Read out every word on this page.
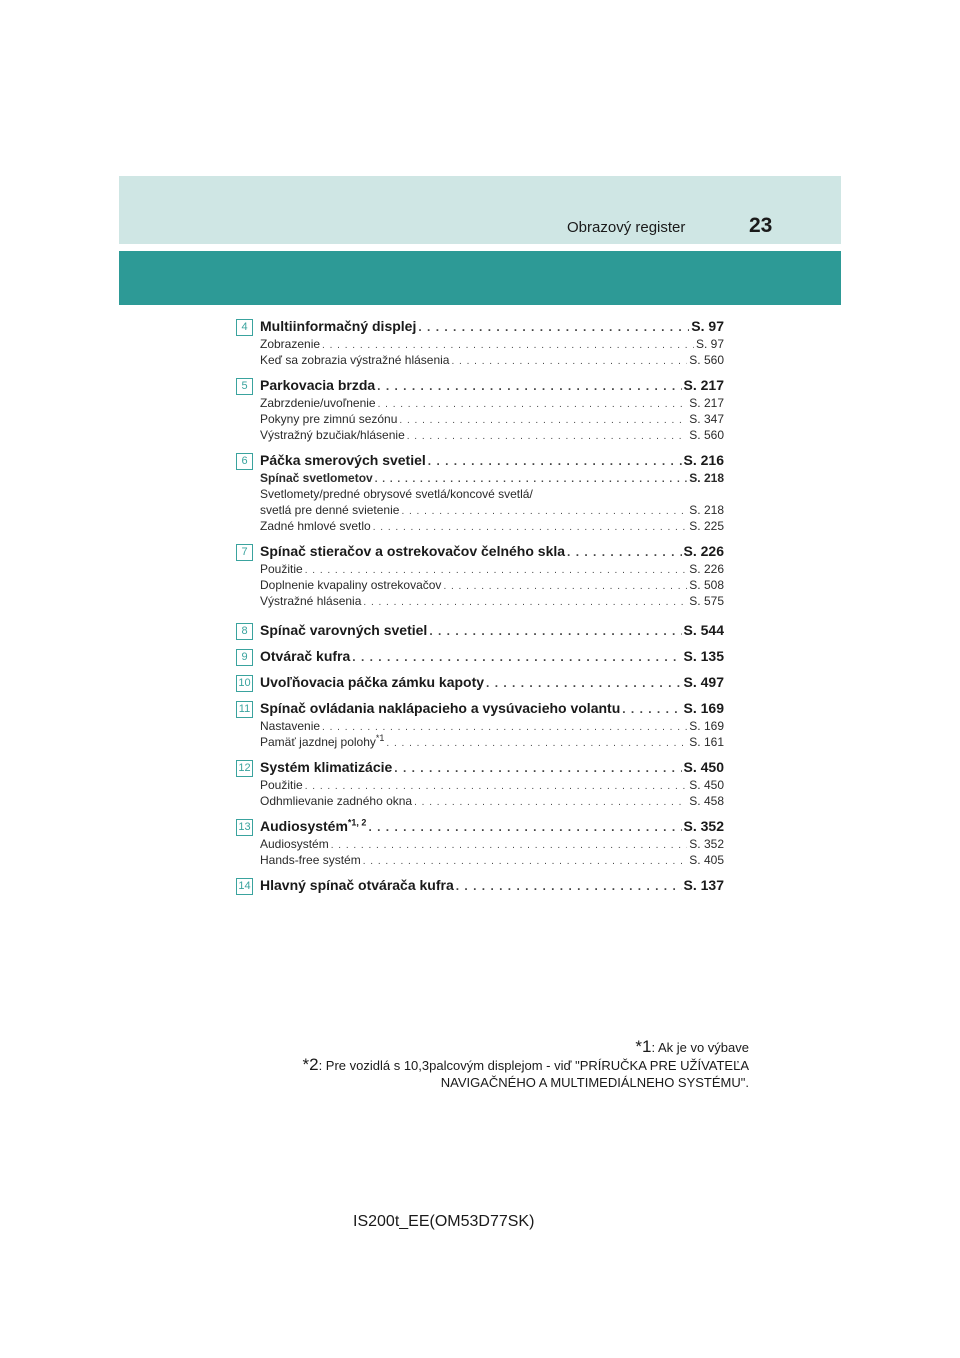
Obrazový register	23
4 Multiinformačný displej . . .	S. 97
Zobrazenie . . .	S. 97
Keď sa zobrazia výstražné hlásenia . . .	S. 560
5 Parkovacia brzda . . .	S. 217
Zabrzdenie/uvoľnenie . . .	S. 217
Pokyny pre zimnú sezónu . . .	S. 347
Výstražný bzučiak/hlásenie . . .	S. 560
6 Páčka smerových svetiel . . .	S. 216
Spínač svetlometov . . .	S. 218
Svetlomety/predné obrysové svetlá/koncové svetlá/
svetlá pre denné svietenie . . .	S. 218
Zadné hmlové svetlo . . .	S. 225
7 Spínač stieračov a ostrekovačov čelného skla . . .	S. 226
Použitie . . .	S. 226
Doplnenie kvapaliny ostrekovačov . . .	S. 508
Výstražné hlásenia . . .	S. 575
8 Spínač varovných svetiel . . .	S. 544
9 Otvárač kufra . . .	S. 135
10 Uvoľňovacia páčka zámku kapoty . . .	S. 497
11 Spínač ovládania naklápacieho a vysúvacieho volantu . . .	S. 169
Nastavenie . . .	S. 169
Pamäť jazdnej polohy$^{*1}$ . . .	S. 161
12 Systém klimatizácie . . .	S. 450
Použitie . . .	S. 450
Odhmlievanie zadného okna . . .	S. 458
13 Audiosystém$^{*1, 2}$ . . .	S. 352
Audiosystém . . .	S. 352
Hands-free systém . . .	S. 405
14 Hlavný spínač otvárača kufra . . .	S. 137
*1: Ak je vo výbave
*2: Pre vozidlá s 10,3palcovým displejom - viď "PRÍRUČKA PRE UŽÍVATEĽA
NAVIGAČNÉHO A MULTIMEDIÁLNEHO SYSTÉMU".
IS200t_EE(OM53D77SK)
